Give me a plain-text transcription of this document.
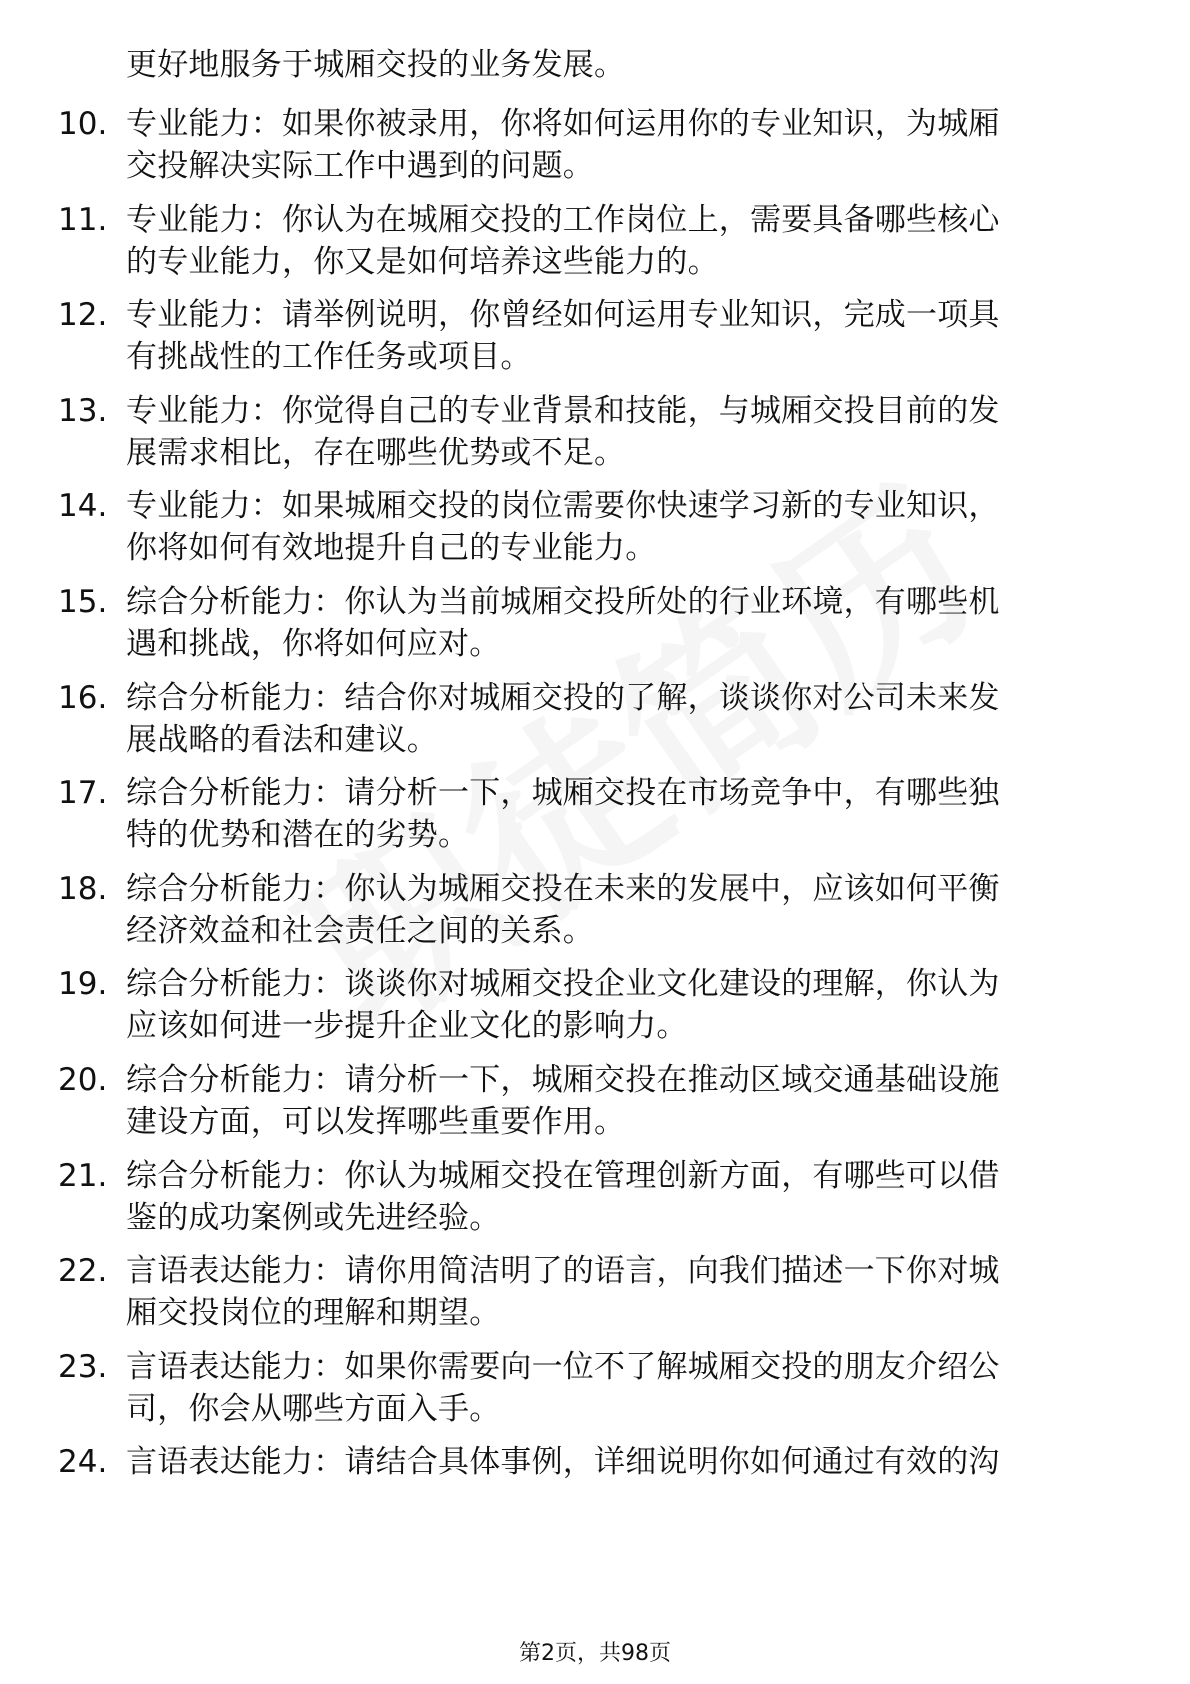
更好地服务于城厢交投的业务发展。
10. 专业能力：如果你被录用，你将如何运用你的专业知识，为城厢
交投解决实际工作中遇到的问题。
11. 专业能力：你认为在城厢交投的工作岗位上，需要具备哪些核心
的专业能力，你又是如何培养这些能力的。
12. 专业能力：请举例说明，你曾经如何运用专业知识，完成一项具
有挑战性的工作任务或项目。
13. 专业能力：你觉得自己的专业背景和技能，与城厢交投目前的发
展需求相比，存在哪些优势或不足。
14. 专业能力：如果城厢交投的岗位需要你快速学习新的专业知识，
你将如何有效地提升自己的专业能力。
15. 综合分析能力：你认为当前城厢交投所处的行业环境，有哪些机
遇和挑战，你将如何应对。
16. 综合分析能力：结合你对城厢交投的了解，谈谈你对公司未来发
展战略的看法和建议。
17. 综合分析能力：请分析一下，城厢交投在市场竞争中，有哪些独
特的优势和潜在的劣势。
18. 综合分析能力：你认为城厢交投在未来的发展中，应该如何平衡
经济效益和社会责任之间的关系。
19. 综合分析能力：谈谈你对城厢交投企业文化建设的理解，你认为
应该如何进一步提升企业文化的影响力。
20. 综合分析能力：请分析一下，城厢交投在推动区域交通基础设施
建设方面，可以发挥哪些重要作用。
21. 综合分析能力：你认为城厢交投在管理创新方面，有哪些可以借
鉴的成功案例或先进经验。
22. 言语表达能力：请你用简洁明了的语言，向我们描述一下你对城
厢交投岗位的理解和期望。
23. 言语表达能力：如果你需要向一位不了解城厢交投的朋友介绍公
司，你会从哪些方面入手。
24. 言语表达能力：请结合具体事例，详细说明你如何通过有效的沟
第2页，共98页
